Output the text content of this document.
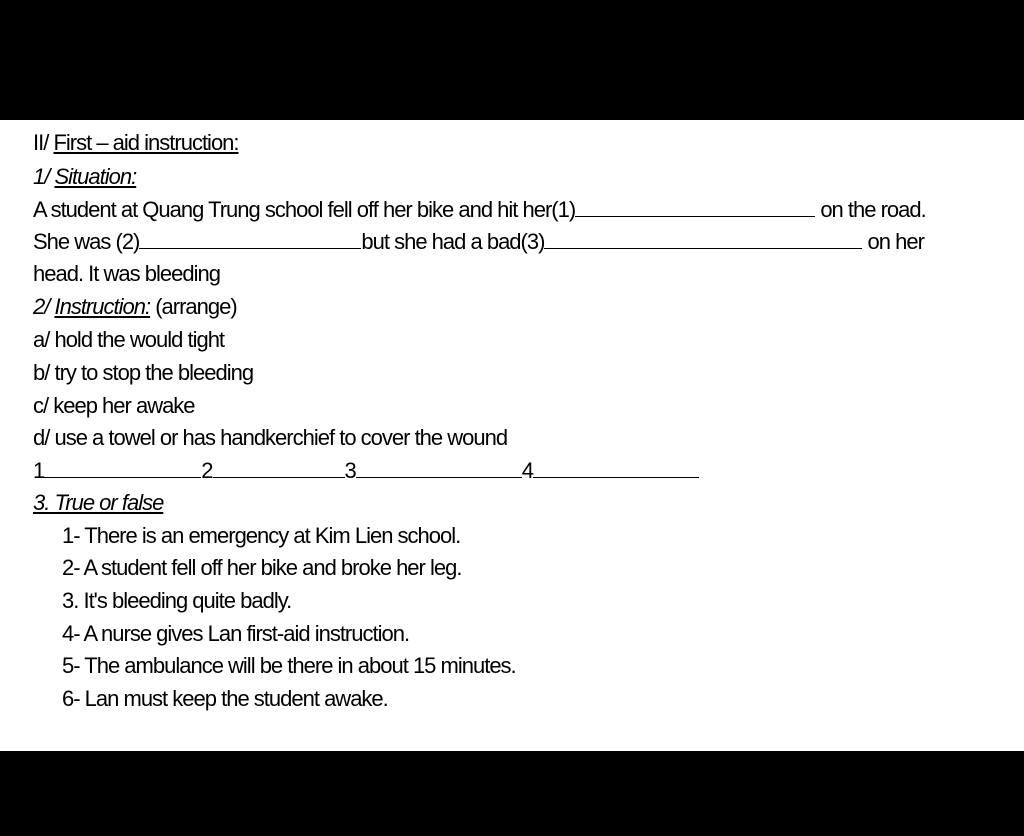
II/ First – aid instruction:
1/ Situation:
A student at Quang Trung school fell off her bike and hit her(1)	on the road.
She was (2)	but she had a bad(3)	on her
head. It was bleeding
2/ Instruction: (arrange)
a/ hold the would tight
b/ try to stop the bleeding
c/ keep her awake
d/ use a towel or has handkerchief to cover the wound
1	2	3	4
3. True or false
1- There is an emergency at Kim Lien school.
2- A student fell off her bike and broke her leg.
3. It's bleeding quite badly.
4- A nurse gives Lan first-aid instruction.
5- The ambulance will be there in about 15 minutes.
6- Lan must keep the student awake.
